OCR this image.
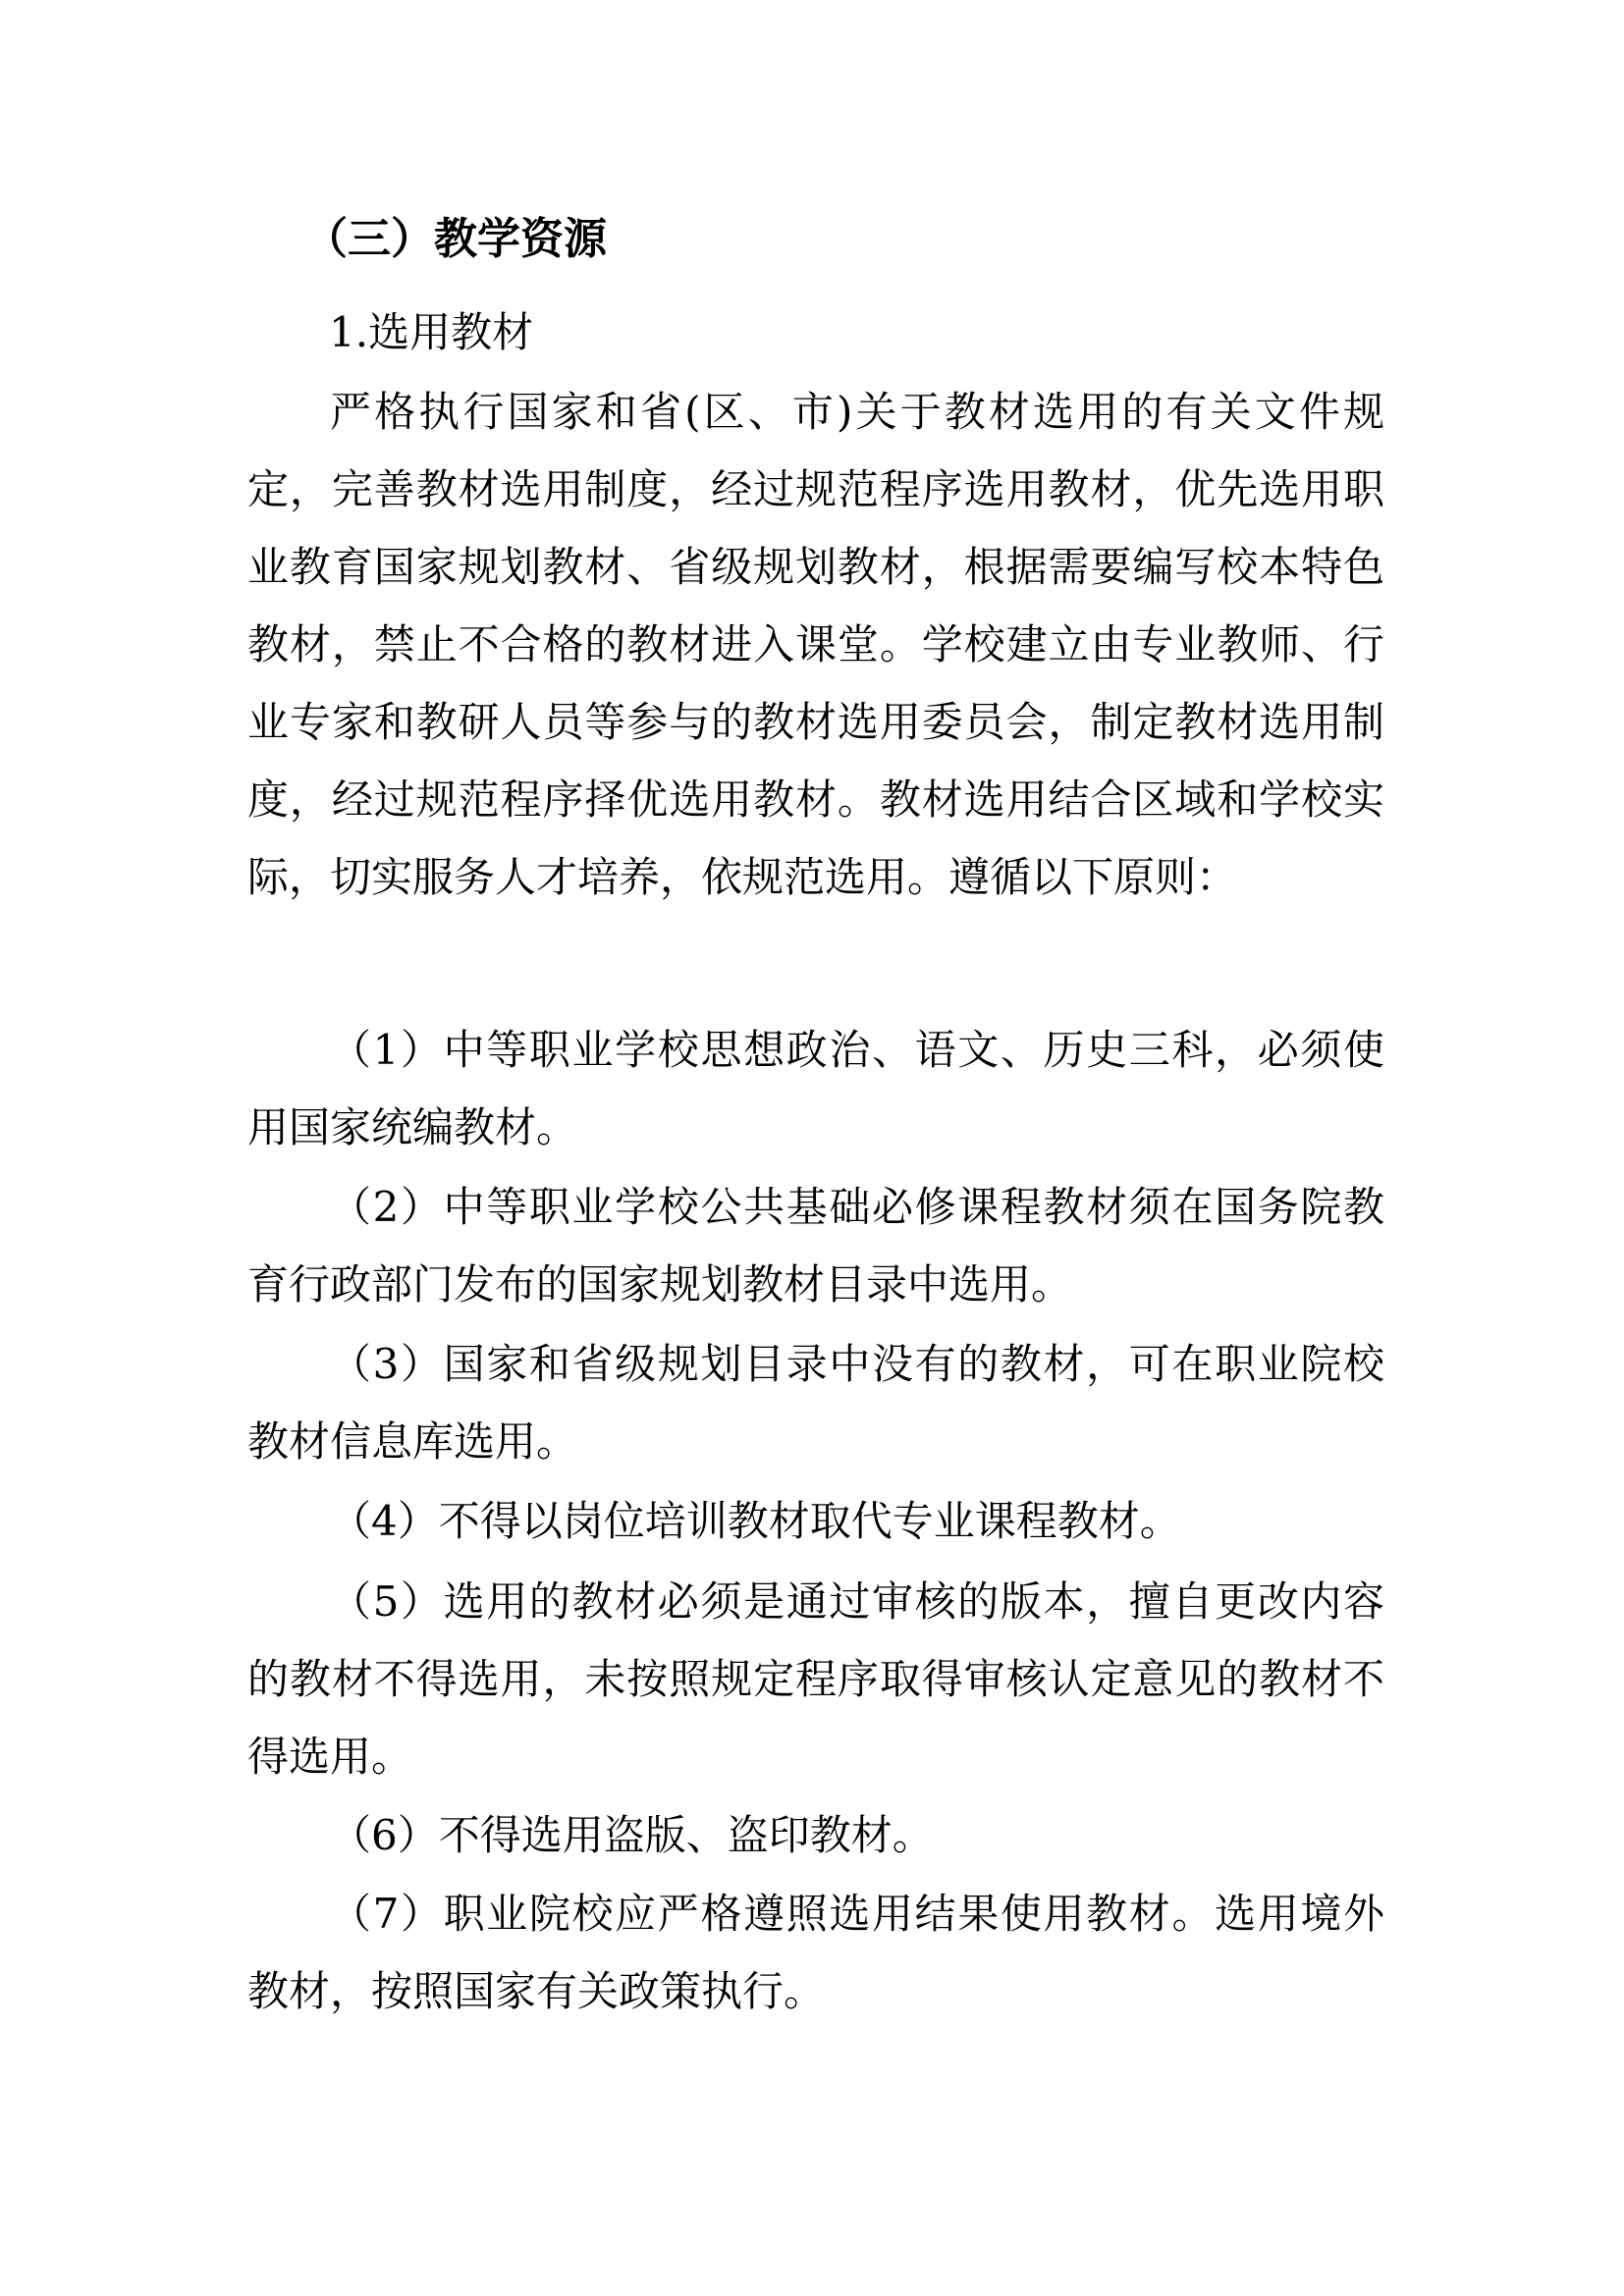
（三）教学资源
1.选用教材
严格执行国家和省(区、市)关于教材选用的有关文件规定，完善教材选用制度，经过规范程序选用教材，优先选用职业教育国家规划教材、省级规划教材，根据需要编写校本特色教材，禁止不合格的教材进入课堂。学校建立由专业教师、行 业专家和教研人员等参与的教材选用委员会，制定教材选用制度，经过规范程序择优选用教材。教材选用结合区域和学校实际，切实服务人才培养，依规范选用。遵循以下原则：
（1）中等职业学校思想政治、语文、历史三科，必须使用国家统编教材。
（2）中等职业学校公共基础必修课程教材须在国务院教育行政部门发布的国家规划教材目录中选用。
（3）国家和省级规划目录中没有的教材，可在职业院校教材信息库选用。
（4）不得以岗位培训教材取代专业课程教材。
（5）选用的教材必须是通过审核的版本，擅自更改内容的教材不得选用，未按照规定程序取得审核认定意见的教材不得选用。
（6）不得选用盗版、盗印教材。
（7）职业院校应严格遵照选用结果使用教材。选用境外教材，按照国家有关政策执行。
